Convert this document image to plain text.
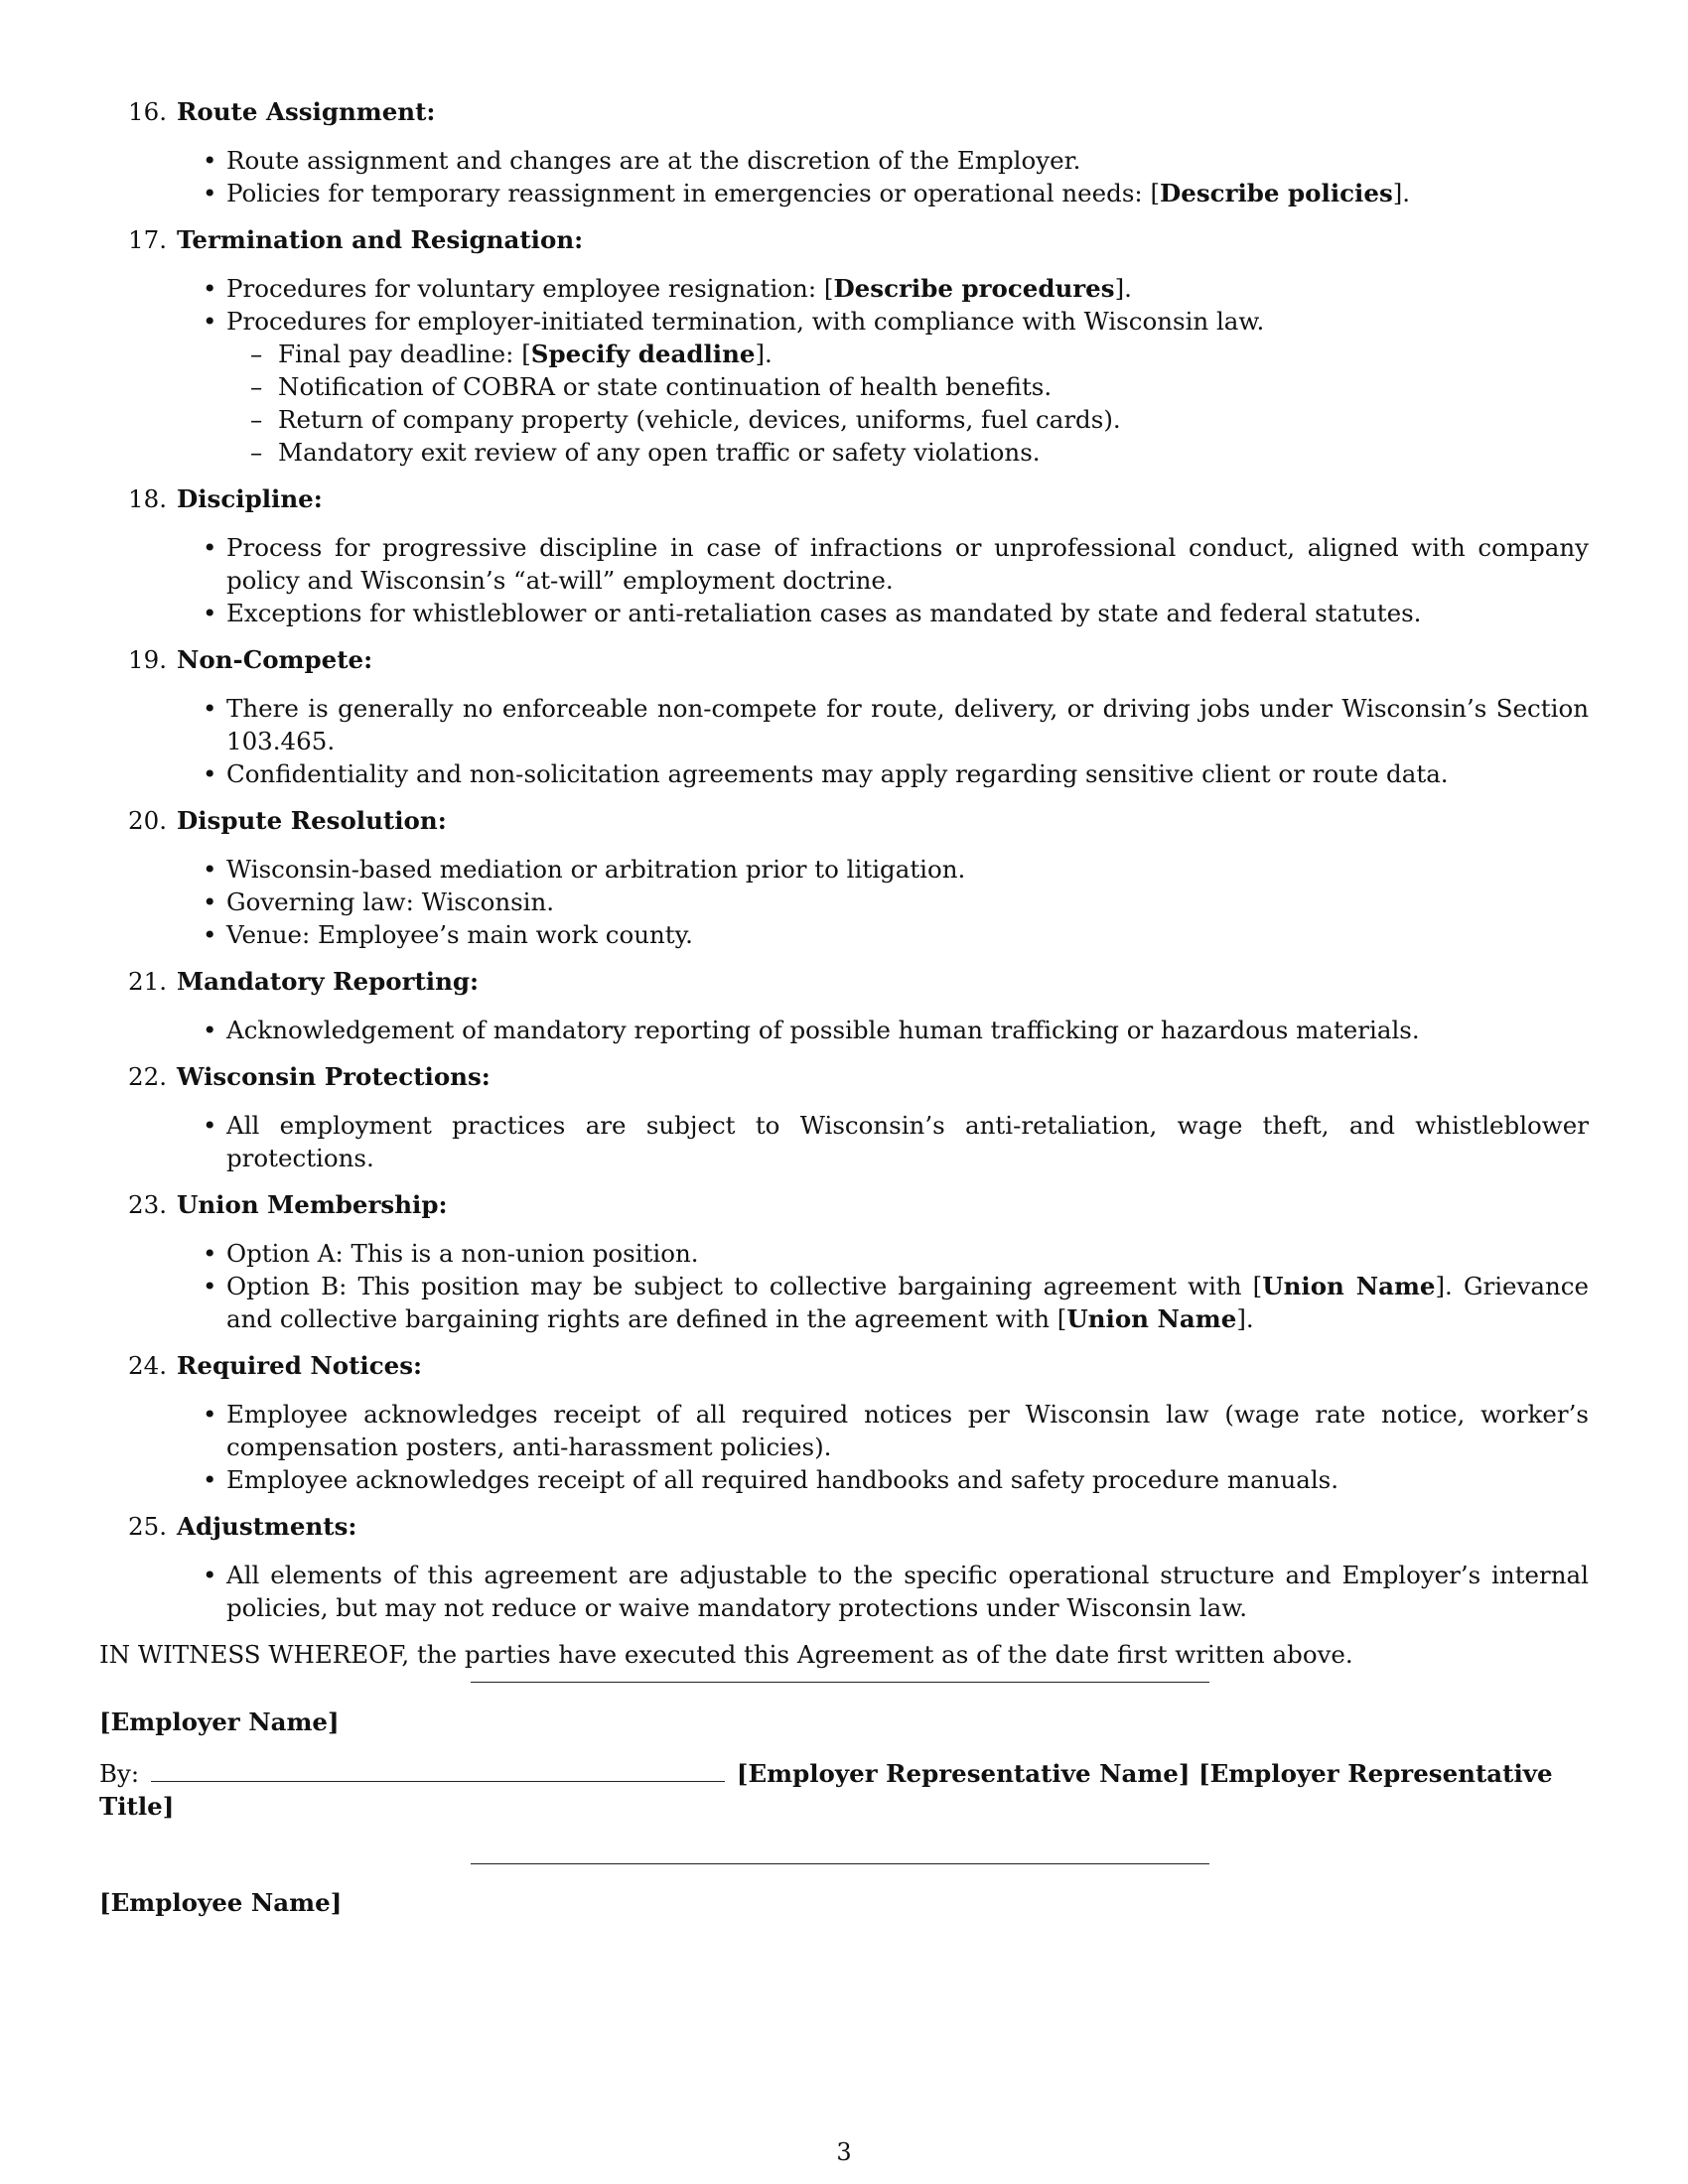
16. Route Assignment:
• Route assignment and changes are at the discretion of the Employer.
• Policies for temporary reassignment in emergencies or operational needs: [Describe policies].
17. Termination and Resignation:
• Procedures for voluntary employee resignation: [Describe procedures].
• Procedures for employer-initiated termination, with compliance with Wisconsin law.
– Final pay deadline: [Specify deadline].
– Notification of COBRA or state continuation of health benefits.
– Return of company property (vehicle, devices, uniforms, fuel cards).
– Mandatory exit review of any open traffic or safety violations.
18. Discipline:
• Process for progressive discipline in case of infractions or unprofessional conduct, aligned with company policy and Wisconsin’s “at-will” employment doctrine.
• Exceptions for whistleblower or anti-retaliation cases as mandated by state and federal statutes.
19. Non-Compete:
• There is generally no enforceable non-compete for route, delivery, or driving jobs under Wisconsin’s Section 103.465.
• Confidentiality and non-solicitation agreements may apply regarding sensitive client or route data.
20. Dispute Resolution:
• Wisconsin-based mediation or arbitration prior to litigation.
• Governing law: Wisconsin.
• Venue: Employee’s main work county.
21. Mandatory Reporting:
• Acknowledgement of mandatory reporting of possible human trafficking or hazardous materials.
22. Wisconsin Protections:
• All employment practices are subject to Wisconsin’s anti-retaliation, wage theft, and whistleblower protections.
23. Union Membership:
• Option A: This is a non-union position.
• Option B: This position may be subject to collective bargaining agreement with [Union Name]. Grievance and collective bargaining rights are defined in the agreement with [Union Name].
24. Required Notices:
• Employee acknowledges receipt of all required notices per Wisconsin law (wage rate notice, worker’s compensation posters, anti-harassment policies).
• Employee acknowledges receipt of all required handbooks and safety procedure manuals.
25. Adjustments:
• All elements of this agreement are adjustable to the specific operational structure and Employer’s internal policies, but may not reduce or waive mandatory protections under Wisconsin law.
IN WITNESS WHEREOF, the parties have executed this Agreement as of the date first written above.
[Employer Name]
By:	[Employer Representative Name] [Employer Representative Title]
[Employee Name]
3
